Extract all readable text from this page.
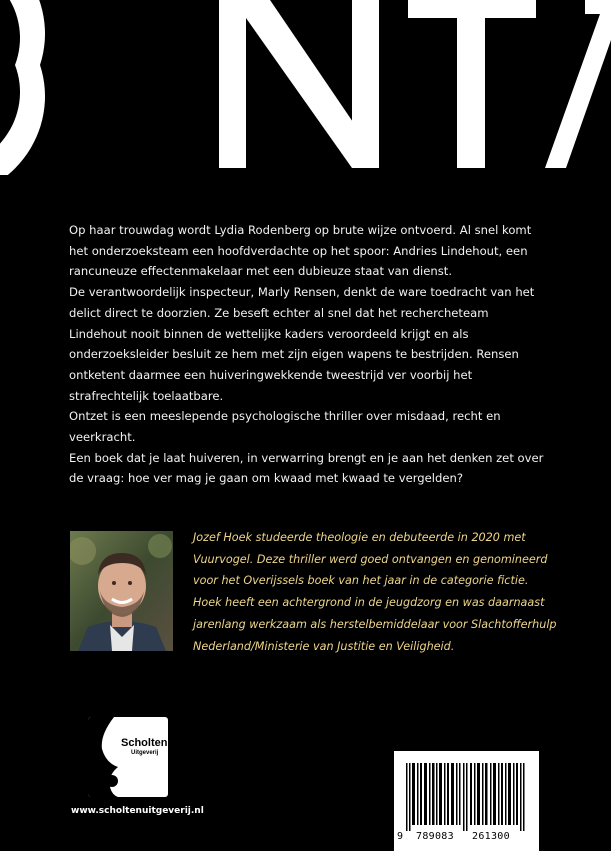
Op haar trouwdag wordt Lydia Rodenberg op brute wijze ontvoerd. Al snel komt het onderzoeksteam een hoofdverdachte op het spoor: Andries Lindehout, een rancuneuze effectenmakelaar met een dubieuze staat van dienst.

De verantwoordelijk inspecteur, Marly Rensen, denkt de ware toedracht van het delict direct te doorzien. Ze beseft echter al snel dat het rechercheteam Lindehout nooit binnen de wettelijke kaders veroordeeld krijgt en als onderzoeksleider besluit ze hem met zijn eigen wapens te bestrijden. Rensen ontketent daarmee een huiveringwekkende tweestrijd ver voorbij het strafrechtelijk toelaatbare.

Ontzet is een meeslepende psychologische thriller over misdaad, recht en veerkracht.

Een boek dat je laat huiveren, in verwarring brengt en je aan het denken zet over de vraag: hoe ver mag je gaan om kwaad met kwaad te vergelden?

Jozef Hoek studeerde theologie en debuteerde in 2020 met Vuurvogel. Deze thriller werd goed ontvangen en genomineerd voor het Overijssels boek van het jaar in de categorie fictie. Hoek heeft een achtergrond in de jeugdzorg en was daarnaast jarenlang werkzaam als herstelbemiddelaar voor Slachtofferhulp Nederland/Ministerie van Justitie en Veiligheid.
Scholten
Uitgeverij
www.scholtenuitgeverij.nl
9 789083 261300
